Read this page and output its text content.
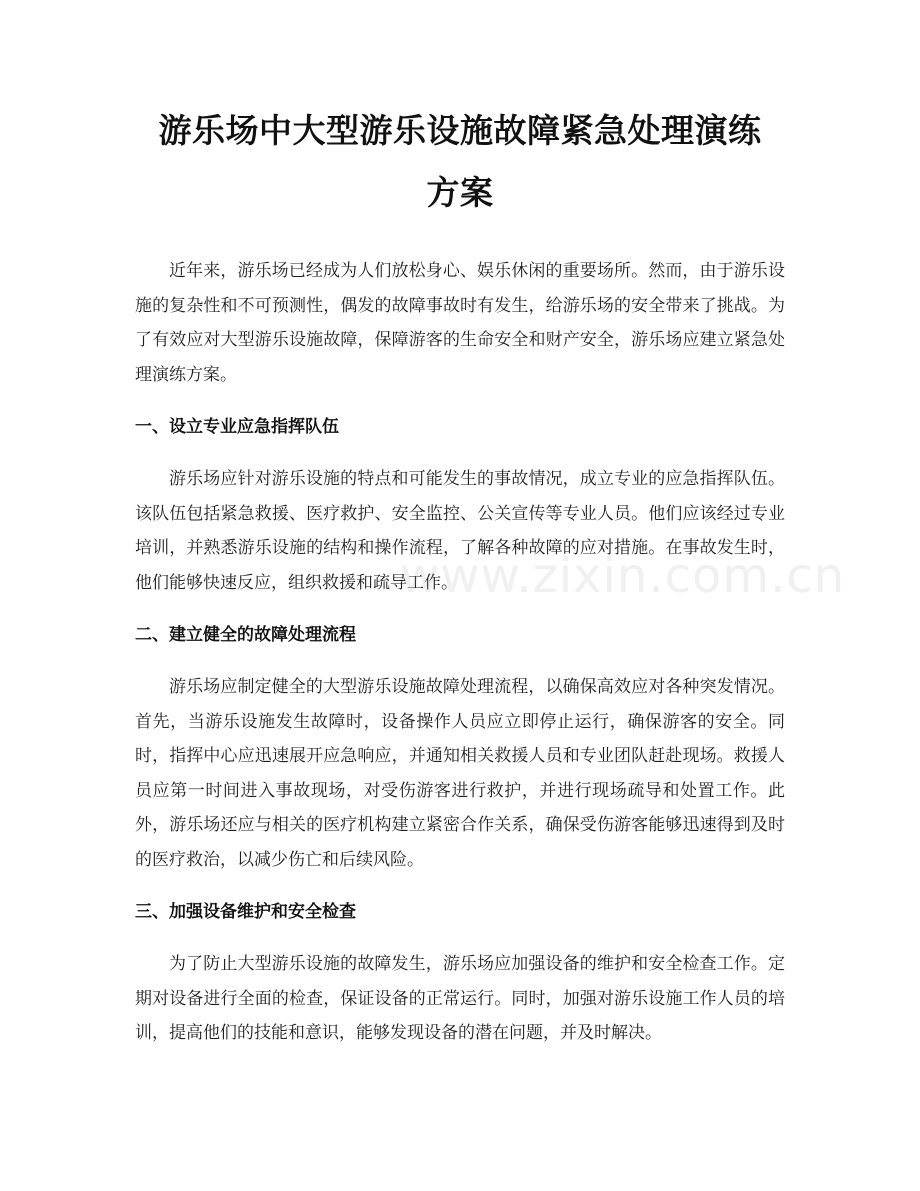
游乐场中大型游乐设施故障紧急处理演练方案

近年来，游乐场已经成为人们放松身心、娱乐休闲的重要场所。然而，由于游乐设施的复杂性和不可预测性，偶发的故障事故时有发生，给游乐场的安全带来了挑战。为了有效应对大型游乐设施故障，保障游客的生命安全和财产安全，游乐场应建立紧急处理演练方案。

一、设立专业应急指挥队伍

游乐场应针对游乐设施的特点和可能发生的事故情况，成立专业的应急指挥队伍。该队伍包括紧急救援、医疗救护、安全监控、公关宣传等专业人员。他们应该经过专业培训，并熟悉游乐设施的结构和操作流程，了解各种故障的应对措施。在事故发生时，他们能够快速反应，组织救援和疏导工作。

二、建立健全的故障处理流程

游乐场应制定健全的大型游乐设施故障处理流程，以确保高效应对各种突发情况。首先，当游乐设施发生故障时，设备操作人员应立即停止运行，确保游客的安全。同时，指挥中心应迅速展开应急响应，并通知相关救援人员和专业团队赶赴现场。救援人员应第一时间进入事故现场，对受伤游客进行救护，并进行现场疏导和处置工作。此外，游乐场还应与相关的医疗机构建立紧密合作关系，确保受伤游客能够迅速得到及时的医疗救治，以减少伤亡和后续风险。

三、加强设备维护和安全检查

为了防止大型游乐设施的故障发生，游乐场应加强设备的维护和安全检查工作。定期对设备进行全面的检查，保证设备的正常运行。同时，加强对游乐设施工作人员的培训，提高他们的技能和意识，能够发现设备的潜在问题，并及时解决。

www.zixin.com.cn
